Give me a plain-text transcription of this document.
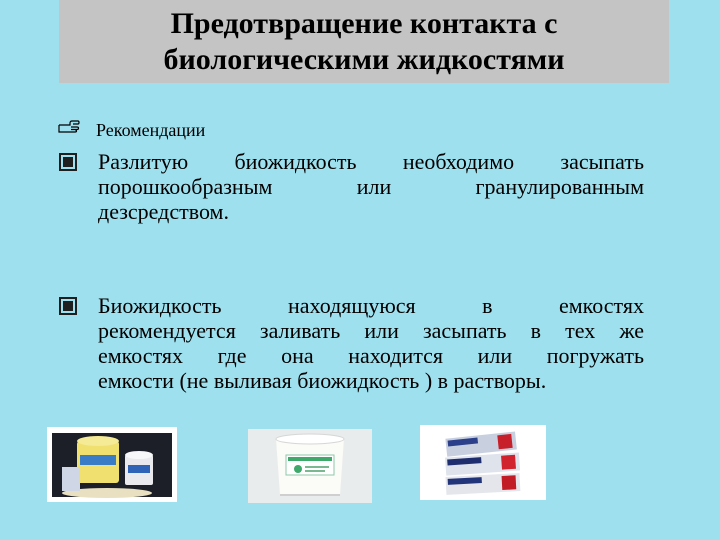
Предотвращение контакта с
биологическими жидкостями
Рекомендации
Разлитую биожидкость необходимо засыпать
порошкообразным или гранулированным
дезсредством.
Биожидкость находящуюся в емкостях
рекомендуется заливать или засыпать в тех же
емкостях где она находится или погружать
емкости (не выливая биожидкость ) в растворы.
